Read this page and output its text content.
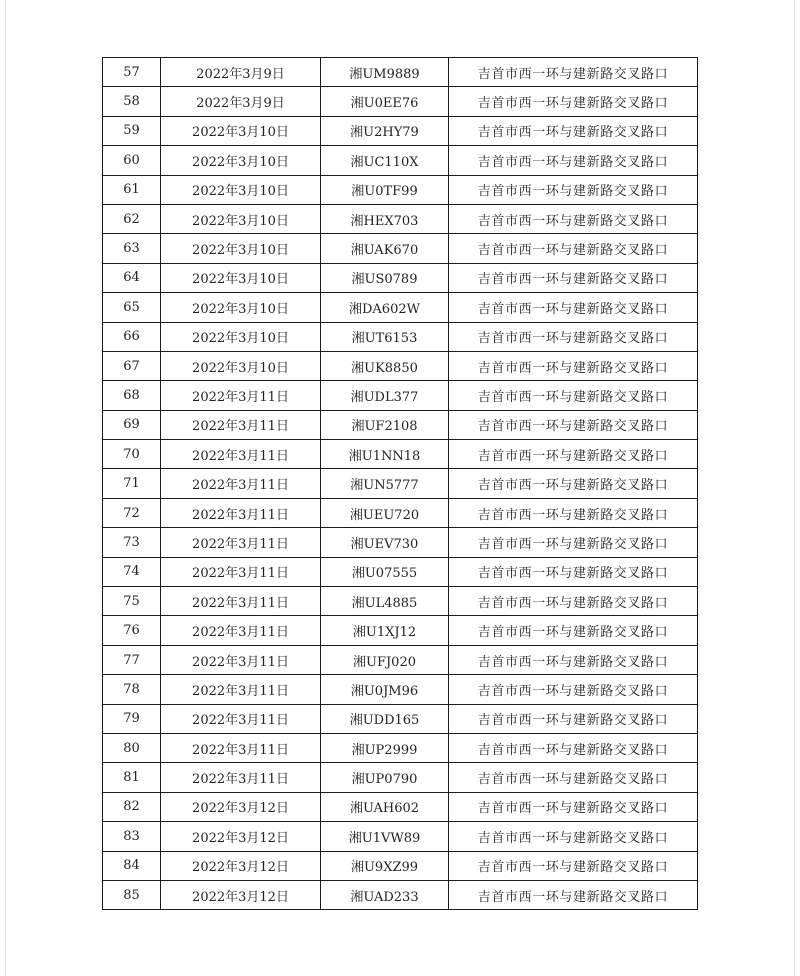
57	2022年3月9日	湘UM9889	吉首市西一环与建新路交叉路口
58	2022年3月9日	湘U0EE76	吉首市西一环与建新路交叉路口
59	2022年3月10日	湘U2HY79	吉首市西一环与建新路交叉路口
60	2022年3月10日	湘UC110X	吉首市西一环与建新路交叉路口
61	2022年3月10日	湘U0TF99	吉首市西一环与建新路交叉路口
62	2022年3月10日	湘HEX703	吉首市西一环与建新路交叉路口
63	2022年3月10日	湘UAK670	吉首市西一环与建新路交叉路口
64	2022年3月10日	湘US0789	吉首市西一环与建新路交叉路口
65	2022年3月10日	湘DA602W	吉首市西一环与建新路交叉路口
66	2022年3月10日	湘UT6153	吉首市西一环与建新路交叉路口
67	2022年3月10日	湘UK8850	吉首市西一环与建新路交叉路口
68	2022年3月11日	湘UDL377	吉首市西一环与建新路交叉路口
69	2022年3月11日	湘UF2108	吉首市西一环与建新路交叉路口
70	2022年3月11日	湘U1NN18	吉首市西一环与建新路交叉路口
71	2022年3月11日	湘UN5777	吉首市西一环与建新路交叉路口
72	2022年3月11日	湘UEU720	吉首市西一环与建新路交叉路口
73	2022年3月11日	湘UEV730	吉首市西一环与建新路交叉路口
74	2022年3月11日	湘U07555	吉首市西一环与建新路交叉路口
75	2022年3月11日	湘UL4885	吉首市西一环与建新路交叉路口
76	2022年3月11日	湘U1XJ12	吉首市西一环与建新路交叉路口
77	2022年3月11日	湘UFJ020	吉首市西一环与建新路交叉路口
78	2022年3月11日	湘U0JM96	吉首市西一环与建新路交叉路口
79	2022年3月11日	湘UDD165	吉首市西一环与建新路交叉路口
80	2022年3月11日	湘UP2999	吉首市西一环与建新路交叉路口
81	2022年3月11日	湘UP0790	吉首市西一环与建新路交叉路口
82	2022年3月12日	湘UAH602	吉首市西一环与建新路交叉路口
83	2022年3月12日	湘U1VW89	吉首市西一环与建新路交叉路口
84	2022年3月12日	湘U9XZ99	吉首市西一环与建新路交叉路口
85	2022年3月12日	湘UAD233	吉首市西一环与建新路交叉路口
